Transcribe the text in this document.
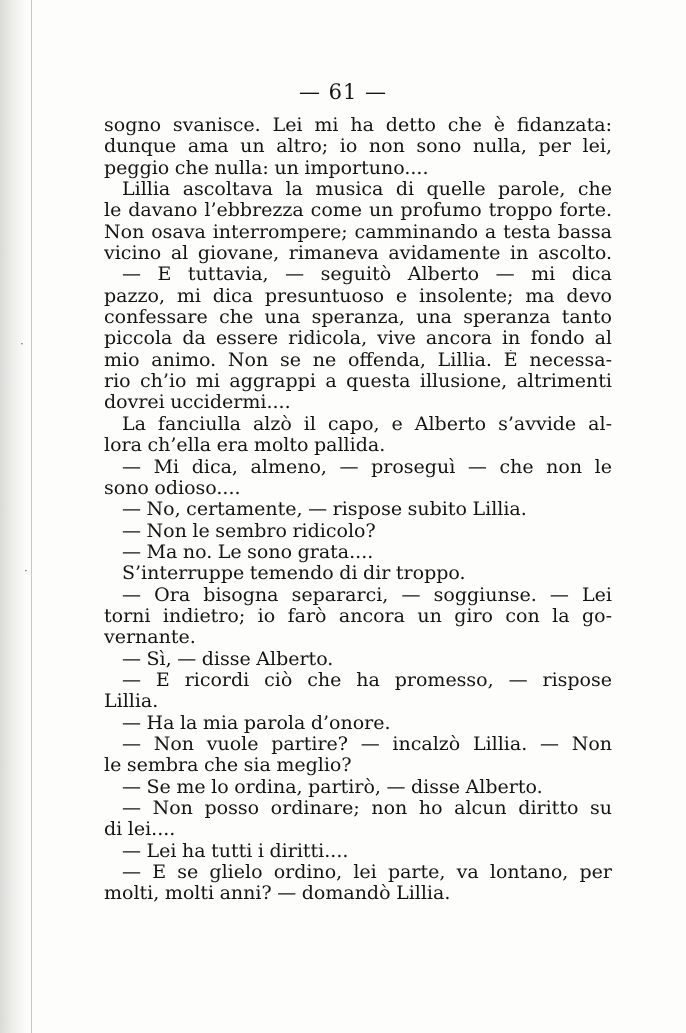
·
·
— 61 —
sogno svanisce. Lei mi ha detto che è fidanzata:
dunque ama un altro; io non sono nulla, per lei,
peggio che nulla: un importuno....
Lillia ascoltava la musica di quelle parole, che
le davano l’ebbrezza come un profumo troppo forte.
Non osava interrompere; camminando a testa bassa
vicino al giovane, rimaneva avidamente in ascolto.
— E tuttavia, — seguitò Alberto — mi dica
pazzo, mi dica presuntuoso e insolente; ma devo
confessare che una speranza, una speranza tanto
piccola da essere ridicola, vive ancora in fondo al
mio animo. Non se ne offenda, Lillia. È necessa-
rio ch’io mi aggrappi a questa illusione, altrimenti
dovrei uccidermi....
La fanciulla alzò il capo, e Alberto s’avvide al-
lora ch’ella era molto pallida.
— Mi dica, almeno, — proseguì — che non le
sono odioso....
— No, certamente, — rispose subito Lillia.
— Non le sembro ridicolo?
— Ma no. Le sono grata....
S’interruppe temendo di dir troppo.
— Ora bisogna separarci, — soggiunse. — Lei
torni indietro; io farò ancora un giro con la go-
vernante.
— Sì, — disse Alberto.
— E ricordi ciò che ha promesso, — rispose
Lillia.
— Ha la mia parola d’onore.
— Non vuole partire? — incalzò Lillia. — Non
le sembra che sia meglio?
— Se me lo ordina, partirò, — disse Alberto.
— Non posso ordinare; non ho alcun diritto su
di lei....
— Lei ha tutti i diritti....
— E se glielo ordino, lei parte, va lontano, per
molti, molti anni? — domandò Lillia.
